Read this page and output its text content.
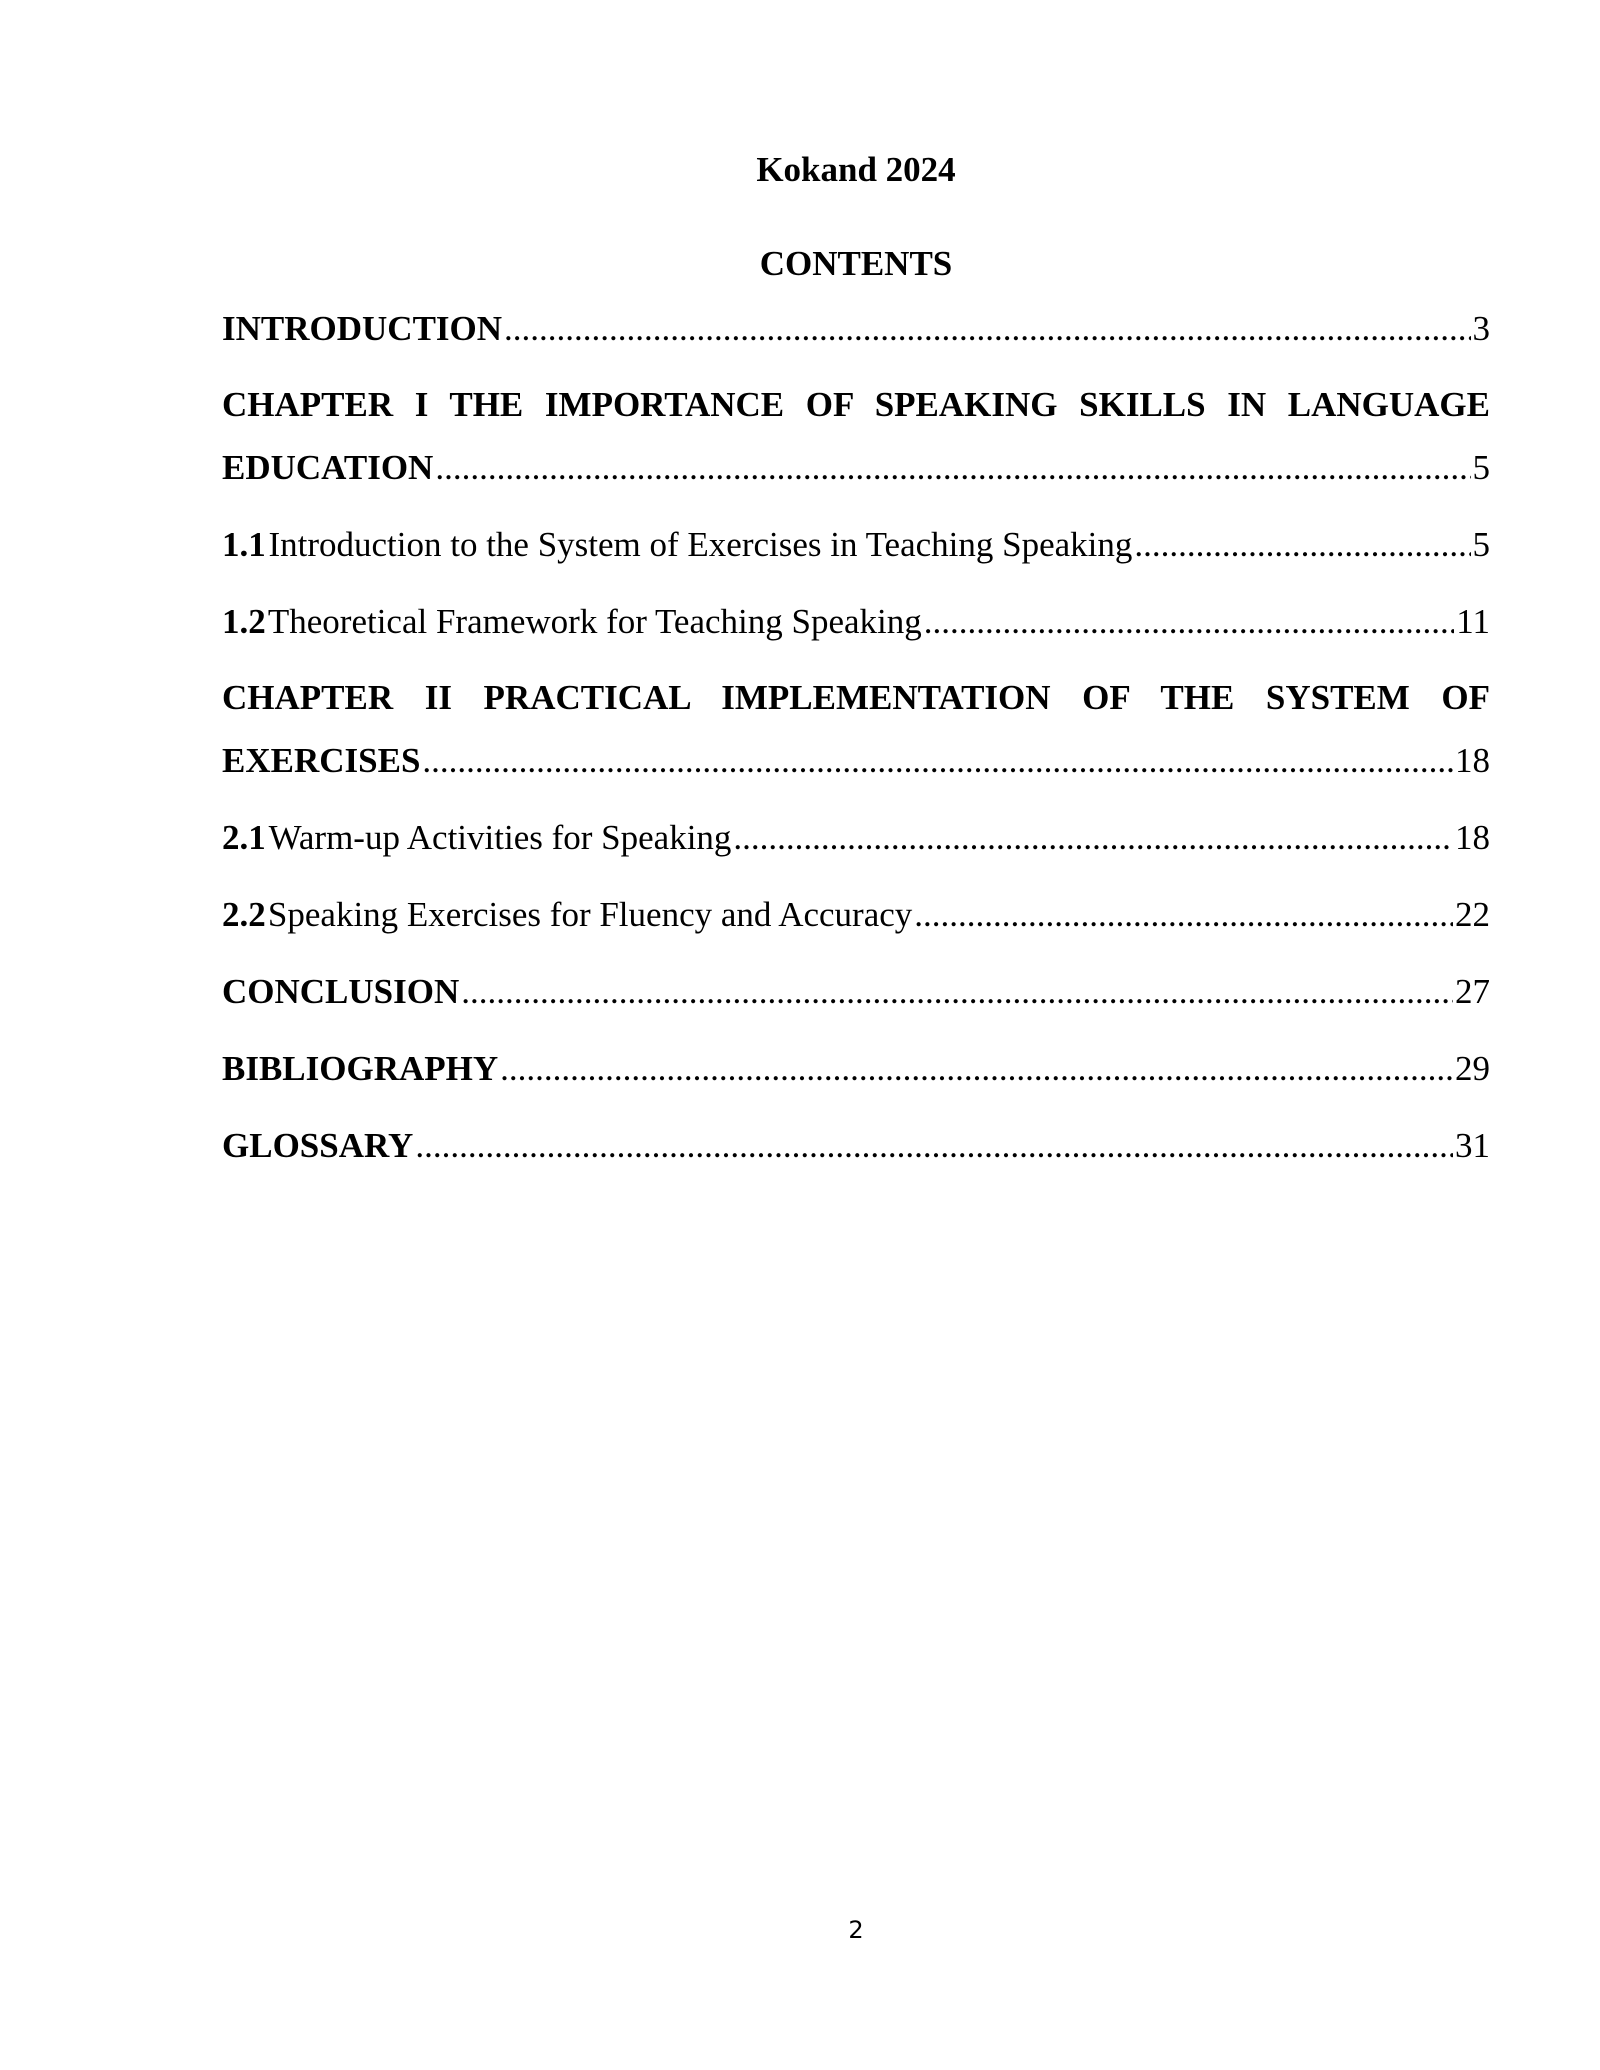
Kokand 2024
CONTENTS
INTRODUCTION .....	3
CHAPTER I THE IMPORTANCE OF SPEAKING SKILLS IN LANGUAGE
EDUCATION .....	5
1.1 Introduction to the System of Exercises in Teaching Speaking .....	5
1.2 Theoretical Framework for Teaching Speaking .....	11
CHAPTER II PRACTICAL IMPLEMENTATION OF THE SYSTEM OF
EXERCISES .....	18
2.1 Warm-up Activities for Speaking .....	18
2.2 Speaking Exercises for Fluency and Accuracy .....	22
CONCLUSION .....	27
BIBLIOGRAPHY .....	29
GLOSSARY .....	31
2
